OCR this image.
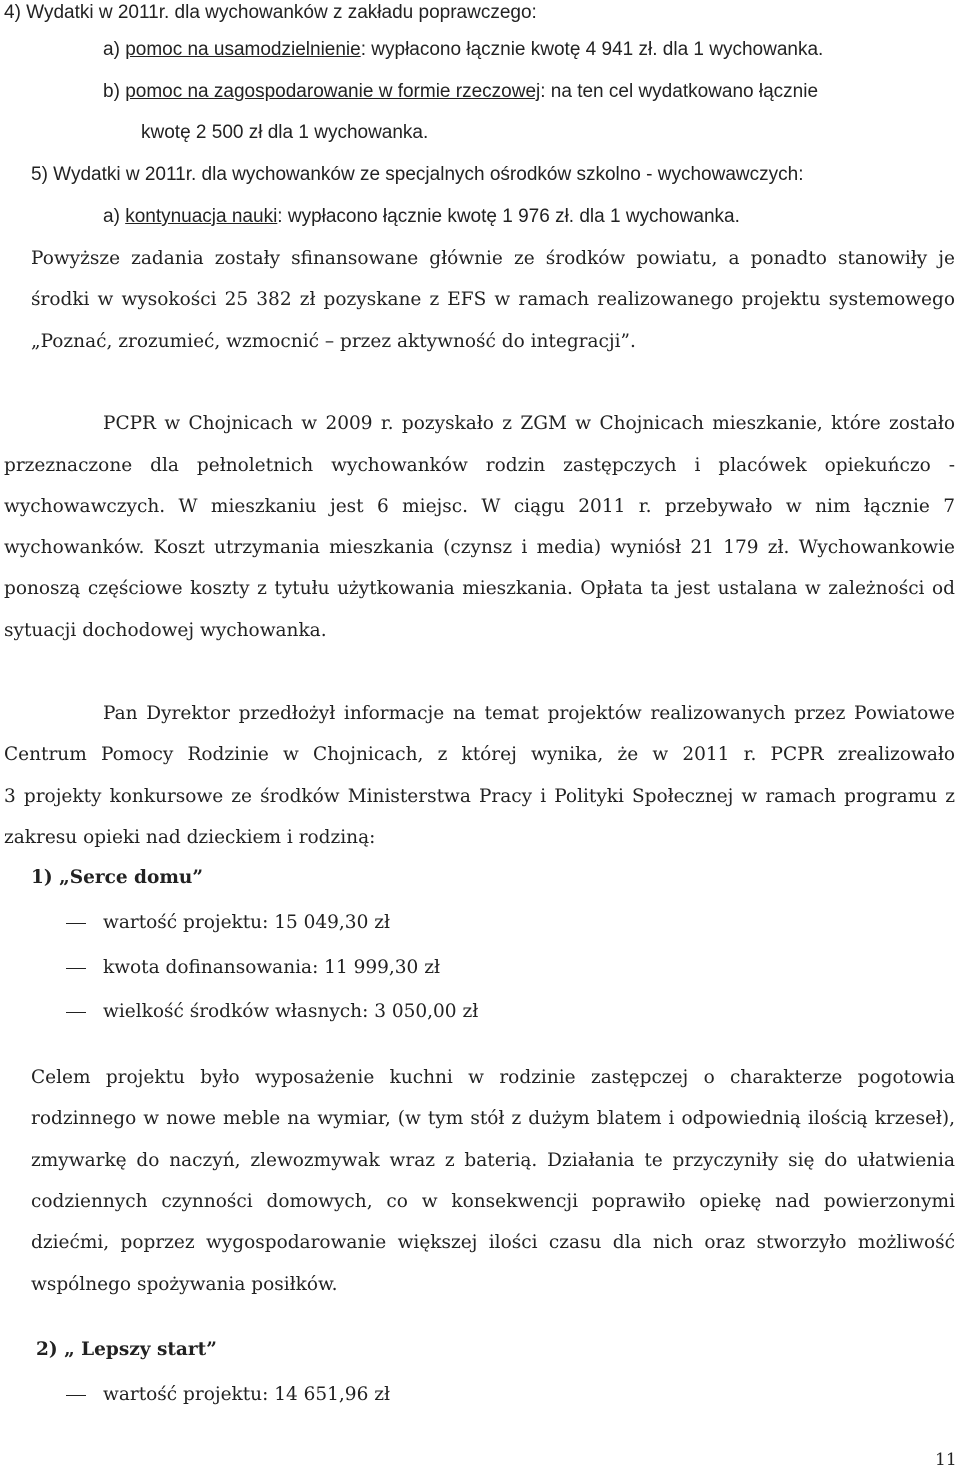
4) Wydatki w 2011r. dla wychowanków z zakładu poprawczego:
a) pomoc na usamodzielnienie: wypłacono łącznie kwotę 4 941 zł. dla 1 wychowanka.
b) pomoc na zagospodarowanie w formie rzeczowej: na ten cel wydatkowano łącznie
kwotę 2 500 zł dla 1 wychowanka.
5) Wydatki w 2011r. dla wychowanków ze specjalnych ośrodków szkolno - wychowawczych:
a) kontynuacja nauki: wypłacono łącznie kwotę 1 976 zł. dla 1 wychowanka.
Powyższe zadania zostały sfinansowane głównie ze środków powiatu, a ponadto stanowiły je
środki w wysokości 25 382 zł pozyskane z EFS w ramach realizowanego projektu systemowego
„Poznać, zrozumieć, wzmocnić – przez aktywność do integracji”.
PCPR w Chojnicach w 2009 r. pozyskało z ZGM w Chojnicach mieszkanie, które zostało
przeznaczone dla pełnoletnich wychowanków rodzin zastępczych i placówek opiekuńczo -
wychowawczych. W mieszkaniu jest 6 miejsc. W ciągu 2011 r. przebywało w nim łącznie 7
wychowanków. Koszt utrzymania mieszkania (czynsz i media) wyniósł 21 179 zł. Wychowankowie
ponoszą częściowe koszty z tytułu użytkowania mieszkania. Opłata ta jest ustalana w zależności od
sytuacji dochodowej wychowanka.
Pan Dyrektor przedłożył informacje na temat projektów realizowanych przez Powiatowe
Centrum Pomocy Rodzinie w Chojnicach, z której wynika, że w 2011 r. PCPR zrealizowało
3 projekty konkursowe ze środków Ministerstwa Pracy i Polityki Społecznej w ramach programu z
zakresu opieki nad dzieckiem i rodziną:
1) „Serce domu”
wartość projektu: 15 049,30 zł
kwota dofinansowania: 11 999,30 zł
wielkość środków własnych: 3 050,00 zł
Celem projektu było wyposażenie kuchni w rodzinie zastępczej o charakterze pogotowia
rodzinnego w nowe meble na wymiar, (w tym stół z dużym blatem i odpowiednią ilością krzeseł),
zmywarkę do naczyń, zlewozmywak wraz z baterią. Działania te przyczyniły się do ułatwienia
codziennych czynności domowych, co w konsekwencji poprawiło opiekę nad powierzonymi
dziećmi, poprzez wygospodarowanie większej ilości czasu dla nich oraz stworzyło możliwość
wspólnego spożywania posiłków.
2) „ Lepszy start”
wartość projektu: 14 651,96 zł
11
